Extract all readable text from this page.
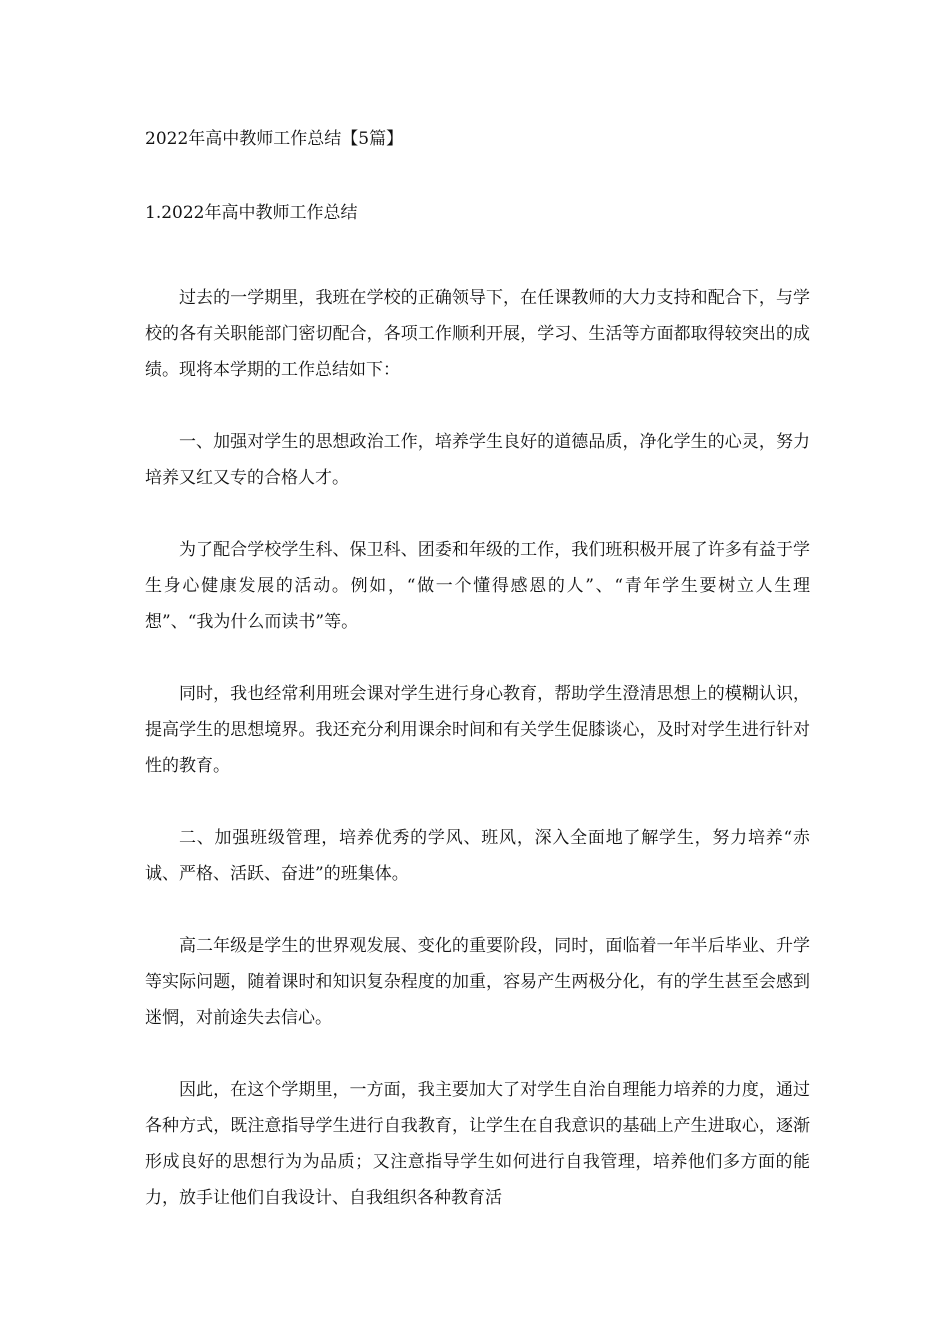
2022年高中教师工作总结【5篇】

1.2022年高中教师工作总结

过去的一学期里，我班在学校的正确领导下，在任课教师的大力支持和配合下，与学校的各有关职能部门密切配合，各项工作顺利开展，学习、生活等方面都取得较突出的成绩。现将本学期的工作总结如下：

一、加强对学生的思想政治工作，培养学生良好的道德品质，净化学生的心灵，努力培养又红又专的合格人才。

为了配合学校学生科、保卫科、团委和年级的工作，我们班积极开展了许多有益于学生身心健康发展的活动。例如，“做一个懂得感恩的人”、“青年学生要树立人生理想”、“我为什么而读书”等。

同时，我也经常利用班会课对学生进行身心教育，帮助学生澄清思想上的模糊认识，提高学生的思想境界。我还充分利用课余时间和有关学生促膝谈心，及时对学生进行针对性的教育。

二、加强班级管理，培养优秀的学风、班风，深入全面地了解学生，努力培养“赤诚、严格、活跃、奋进”的班集体。

高二年级是学生的世界观发展、变化的重要阶段，同时，面临着一年半后毕业、升学等实际问题，随着课时和知识复杂程度的加重，容易产生两极分化，有的学生甚至会感到迷惘，对前途失去信心。

因此，在这个学期里，一方面，我主要加大了对学生自治自理能力培养的力度，通过各种方式，既注意指导学生进行自我教育，让学生在自我意识的基础上产生进取心，逐渐形成良好的思想行为为品质；又注意指导学生如何进行自我管理，培养他们多方面的能力，放手让他们自我设计、自我组织各种教育活
